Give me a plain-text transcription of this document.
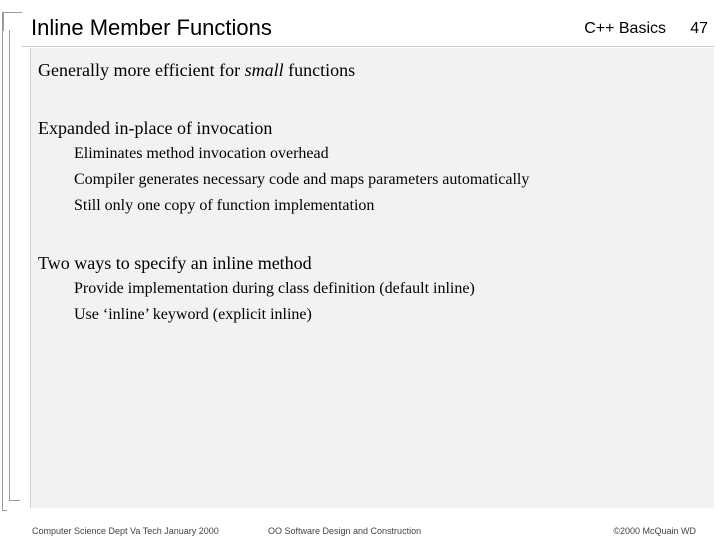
Inline Member Functions	C++ Basics 47
Generally more efficient for small functions
Expanded in-place of invocation
Eliminates method invocation overhead
Compiler generates necessary code and maps parameters automatically
Still only one copy of function implementation
Two ways to specify an inline method
Provide implementation during class definition (default inline)
Use ‘inline’ keyword (explicit inline)
Computer Science Dept Va Tech January 2000	OO Software Design and Construction	©2000 McQuain WD
